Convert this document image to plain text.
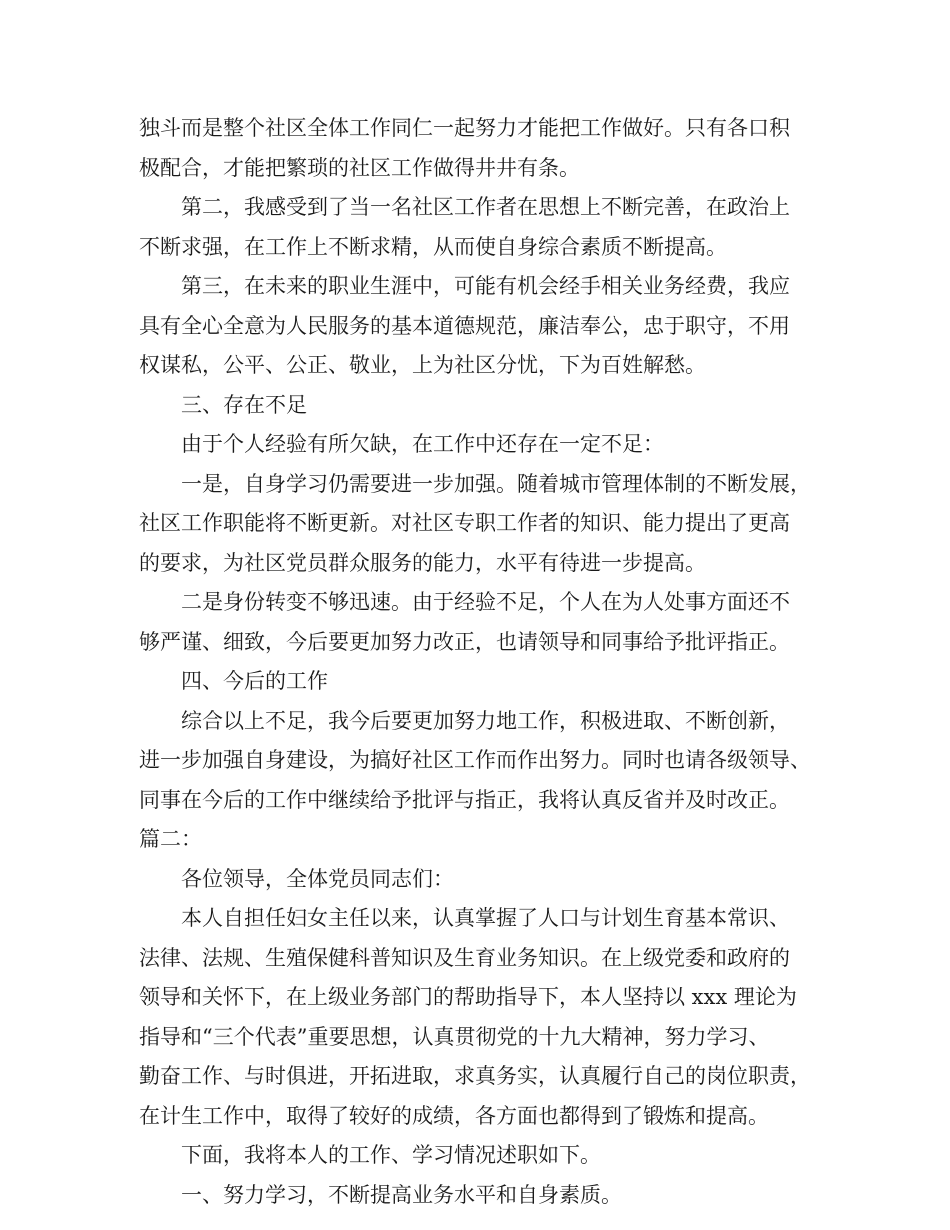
独斗而是整个社区全体工作同仁一起努力才能把工作做好。只有各口积
极配合，才能把繁琐的社区工作做得井井有条。
第二，我感受到了当一名社区工作者在思想上不断完善，在政治上
不断求强，在工作上不断求精，从而使自身综合素质不断提高。
第三，在未来的职业生涯中，可能有机会经手相关业务经费，我应
具有全心全意为人民服务的基本道德规范，廉洁奉公，忠于职守，不用
权谋私，公平、公正、敬业，上为社区分忧，下为百姓解愁。
三、存在不足
由于个人经验有所欠缺，在工作中还存在一定不足：
一是，自身学习仍需要进一步加强。随着城市管理体制的不断发展，
社区工作职能将不断更新。对社区专职工作者的知识、能力提出了更高
的要求，为社区党员群众服务的能力，水平有待进一步提高。
二是身份转变不够迅速。由于经验不足，个人在为人处事方面还不
够严谨、细致，今后要更加努力改正，也请领导和同事给予批评指正。
四、今后的工作
综合以上不足，我今后要更加努力地工作，积极进取、不断创新，
进一步加强自身建设，为搞好社区工作而作出努力。同时也请各级领导、
同事在今后的工作中继续给予批评与指正，我将认真反省并及时改正。
篇二：
各位领导，全体党员同志们：
本人自担任妇女主任以来，认真掌握了人口与计划生育基本常识、
法律、法规、生殖保健科普知识及生育业务知识。在上级党委和政府的
领导和关怀下，在上级业务部门的帮助指导下，本人坚持以 xxx 理论为
指导和“三个代表”重要思想，认真贯彻党的十九大精神，努力学习、
勤奋工作、与时俱进，开拓进取，求真务实，认真履行自己的岗位职责，
在计生工作中，取得了较好的成绩，各方面也都得到了锻炼和提高。
下面，我将本人的工作、学习情况述职如下。
一、努力学习，不断提高业务水平和自身素质。
